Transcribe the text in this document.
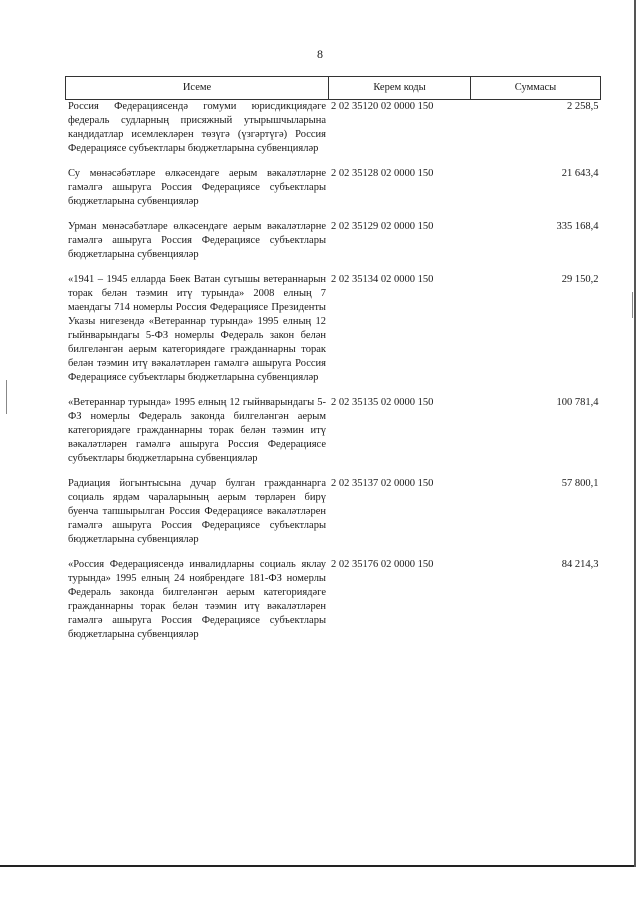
8
Исеме	Керем коды	Суммасы
Россия Федерациясендә гомуми юрисдикциядәге федераль судларның присяжный утырышчыларына кандидатлар исемлекләрен төзүгә (үзгәртүгә) Россия Федерациясе субъектлары бюджетларына субвенцияләр	2 02 35120 02 0000 150	2 258,5

Су мөнәсәбәтләре өлкәсендәге аерым вәкаләтләрне гамәлгә ашыруга Россия Федерациясе субъектлары бюджетларына субвенцияләр	2 02 35128 02 0000 150	21 643,4

Урман мөнәсәбәтләре өлкәсендәге аерым вәкаләтләрне гамәлгә ашыруга Россия Федерациясе субъектлары бюджетларына субвенцияләр	2 02 35129 02 0000 150	335 168,4

«1941 – 1945 елларда Бөек Ватан сугышы ветераннарын торак белән тәэмин итү турында» 2008 елның 7 маендагы 714 номерлы Россия Федерациясе Президенты Указы нигезендә «Ветераннар турында» 1995 елның 12 гыйнварындагы 5-ФЗ номерлы Федераль закон белән билгеләнгән аерым категориядәге гражданнарны торак белән тәэмин итү вәкаләтләрен гамәлгә ашыруга Россия Федерациясе субъектлары бюджетларына субвенцияләр	2 02 35134 02 0000 150	29 150,2

«Ветераннар турында» 1995 елның 12 гыйнварындагы 5-ФЗ номерлы Федераль законда билгеләнгән аерым категориядәге гражданнарны торак белән тәэмин итү вәкаләтләрен гамәлгә ашыруга Россия Федерациясе субъектлары бюджетларына субвенцияләр	2 02 35135 02 0000 150	100 781,4

Радиация йогынтысына дучар булган гражданнарга социаль ярдәм чараларының аерым төрләрен бирү буенча тапшырылган Россия Федерациясе вәкаләтләрен гамәлгә ашыруга Россия Федерациясе субъектлары бюджетларына субвенцияләр	2 02 35137 02 0000 150	57 800,1

«Россия Федерациясендә инвалидларны социаль яклау турында» 1995 елның 24 ноябрендәге 181-ФЗ номерлы Федераль законда билгеләнгән аерым категориядәге гражданнарны торак белән тәэмин итү вәкаләтләрен гамәлгә ашыруга Россия Федерациясе субъектлары бюджетларына субвенцияләр	2 02 35176 02 0000 150	84 214,3
